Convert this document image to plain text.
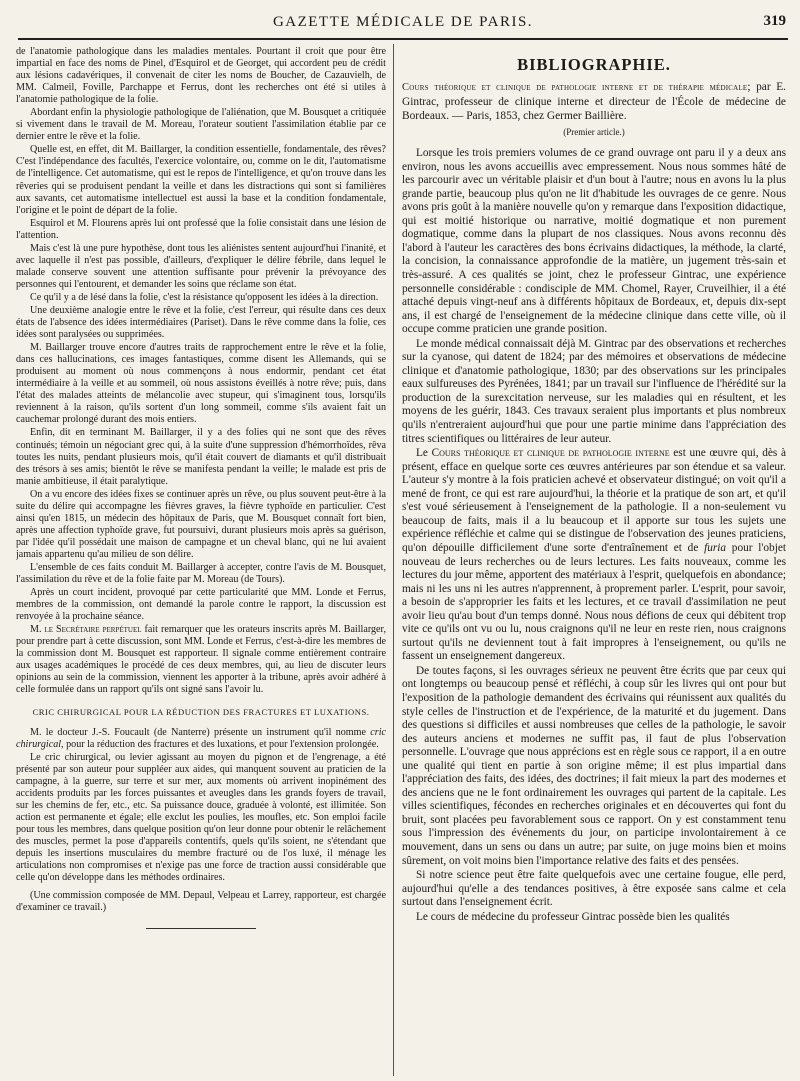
GAZETTE MÉDICALE DE PARIS.	319

de l'anatomie pathologique dans les maladies mentales. Pourtant il croit que pour être impartial en face des noms de Pinel, d'Esquirol et de Georget, qui accordent peu de crédit aux lésions cadavériques, il convenait de citer les noms de Boucher, de Cazauvielh, de MM. Calmeil, Foville, Parchappe et Ferrus, dont les recherches ont été si utiles à l'anatomie pathologique de la folie.

Abordant enfin la physiologie pathologique de l'aliénation, que M. Bousquet a critiquée si vivement dans le travail de M. Moreau, l'orateur soutient l'assimilation établie par ce dernier entre le rêve et la folie.

Quelle est, en effet, dit M. Baillarger, la condition essentielle, fondamentale, des rêves? C'est l'indépendance des facultés, l'exercice volontaire, ou, comme on le dit, l'automatisme de l'intelligence. Cet automatisme, qui est le repos de l'intelligence, et qu'on trouve dans les rêveries qui se produisent pendant la veille et dans les distractions qui sont si familières aux savants, cet automatisme intellectuel est aussi la base et la condition fondamentale, l'origine et le point de départ de la folie.

Esquirol et M. Flourens après lui ont professé que la folie consistait dans une lésion de l'attention.

Mais c'est là une pure hypothèse, dont tous les aliénistes sentent aujourd'hui l'inanité, et avec laquelle il n'est pas possible, d'ailleurs, d'expliquer le délire fébrile, dans lequel le malade conserve souvent une attention suffisante pour prévenir la prévoyance des personnes qui l'entourent, et demander les soins que réclame son état.

Ce qu'il y a de lésé dans la folie, c'est la résistance qu'opposent les idées à la direction.

Une deuxième analogie entre le rêve et la folie, c'est l'erreur, qui résulte dans ces deux états de l'absence des idées intermédiaires (Pariset). Dans le rêve comme dans la folie, ces idées sont paralysées ou supprimées.

M. Baillarger trouve encore d'autres traits de rapprochement entre le rêve et la folie, dans ces hallucinations, ces images fantastiques, comme disent les Allemands, qui se produisent au moment où nous commençons à nous endormir, pendant cet état intermédiaire à la veille et au sommeil, où nous assistons éveillés à notre rêve; puis, dans l'état des malades atteints de mélancolie avec stupeur, qui s'imaginent tous, lorsqu'ils reviennent à la raison, qu'ils sortent d'un long sommeil, comme s'ils avaient fait un cauchemar prolongé durant des mois entiers.

Enfin, dit en terminant M. Baillarger, il y a des folies qui ne sont que des rêves continués; témoin un négociant grec qui, à la suite d'une suppression d'hémorrhoïdes, rêva toutes les nuits, pendant plusieurs mois, qu'il était couvert de diamants et qu'il distribuait des trésors à ses amis; bientôt le rêve se manifesta pendant la veille; le malade est pris de manie ambitieuse, il était paralytique.

On a vu encore des idées fixes se continuer après un rêve, ou plus souvent peut-être à la suite du délire qui accompagne les fièvres graves, la fièvre typhoïde en particulier. C'est ainsi qu'en 1815, un médecin des hôpitaux de Paris, que M. Bousquet connaît fort bien, après une affection typhoïde grave, fut poursuivi, durant plusieurs mois après sa guérison, par l'idée qu'il possédait une maison de campagne et un cheval blanc, qui ne lui avaient jamais appartenu qu'au milieu de son délire.

L'ensemble de ces faits conduit M. Baillarger à accepter, contre l'avis de M. Bousquet, l'assimilation du rêve et de la folie faite par M. Moreau (de Tours).

Après un court incident, provoqué par cette particularité que MM. Londe et Ferrus, membres de la commission, ont demandé la parole contre le rapport, la discussion est renvoyée à la prochaine séance.

M. le Secrétaire perpétuel fait remarquer que les orateurs inscrits après M. Baillarger, pour prendre part à cette discussion, sont MM. Londe et Ferrus, c'est-à-dire les membres de la commission dont M. Bousquet est rapporteur. Il signale comme entièrement contraire aux usages académiques le procédé de ces deux membres, qui, au lieu de discuter leurs opinions au sein de la commission, viennent les apporter à la tribune, après avoir adhéré à celle formulée dans un rapport qu'ils ont signé sans l'avoir lu.

CRIC CHIRURGICAL POUR LA RÉDUCTION DES FRACTURES ET LUXATIONS.

M. le docteur J.-S. Foucault (de Nanterre) présente un instrument qu'il nomme cric chirurgical, pour la réduction des fractures et des luxations, et pour l'extension prolongée.

Le cric chirurgical, ou levier agissant au moyen du pignon et de l'engrenage, a été présenté par son auteur pour suppléer aux aides, qui manquent souvent au praticien de la campagne, à la guerre, sur terre et sur mer, aux moments où arrivent inopinément des accidents produits par les forces puissantes et aveugles dans les grands foyers de travail, sur les chemins de fer, etc., etc. Sa puissance douce, graduée à volonté, est illimitée. Son action est permanente et égale; elle exclut les poulies, les moufles, etc. Son emploi facile pour tous les membres, dans quelque position qu'on leur donne pour obtenir le relâchement des muscles, permet la pose d'appareils contentifs, quels qu'ils soient, ne s'étendant que depuis les insertions musculaires du membre fracturé ou de l'os luxé, il ménage les articulations non compromises et n'exige pas une force de traction aussi considérable que celle qu'on développe dans les méthodes ordinaires.

(Une commission composée de MM. Depaul, Velpeau et Larrey, rapporteur, est chargée d'examiner ce travail.)

BIBLIOGRAPHIE.

Cours théorique et clinique de pathologie interne et de thérapie médicale; par E. Gintrac, professeur de clinique interne et directeur de l'École de médecine de Bordeaux. — Paris, 1853, chez Germer Baillière.

(Premier article.)

Lorsque les trois premiers volumes de ce grand ouvrage ont paru il y a deux ans environ, nous les avons accueillis avec empressement. Nous nous sommes hâté de les parcourir avec un véritable plaisir et d'un bout à l'autre; nous en avons lu la plus grande partie, beaucoup plus qu'on ne lit d'habitude les ouvrages de ce genre. Nous avons pris goût à la manière nouvelle qu'on y remarque dans l'exposition didactique, qui est moitié historique ou narrative, moitié dogmatique et non purement dogmatique, comme dans la plupart de nos classiques. Nous avons reconnu dès l'abord à l'auteur les caractères des bons écrivains didactiques, la méthode, la clarté, la concision, la connaissance approfondie de la matière, un jugement très-sain et très-assuré. A ces qualités se joint, chez le professeur Gintrac, une expérience personnelle considérable : condisciple de MM. Chomel, Rayer, Cruveilhier, il a été attaché depuis vingt-neuf ans à différents hôpitaux de Bordeaux, et, depuis dix-sept ans, il est chargé de l'enseignement de la médecine clinique dans cette ville, où il occupe comme praticien une grande position.

Le monde médical connaissait déjà M. Gintrac par des observations et recherches sur la cyanose, qui datent de 1824; par des mémoires et observations de médecine clinique et d'anatomie pathologique, 1830; par des observations sur les principales eaux sulfureuses des Pyrénées, 1841; par un travail sur l'influence de l'hérédité sur la production de la surexcitation nerveuse, sur les maladies qui en résultent, et les moyens de les guérir, 1843. Ces travaux seraient plus importants et plus nombreux qu'ils n'entreraient aujourd'hui que pour une partie minime dans l'appréciation des titres scientifiques ou littéraires de leur auteur.

Le Cours théorique et clinique de pathologie interne est une œuvre qui, dès à présent, efface en quelque sorte ces œuvres antérieures par son étendue et sa valeur. L'auteur s'y montre à la fois praticien achevé et observateur distingué; on voit qu'il a mené de front, ce qui est rare aujourd'hui, la théorie et la pratique de son art, et qu'il s'est voué sérieusement à l'enseignement de la pathologie. Il a non-seulement vu beaucoup de faits, mais il a lu beaucoup et il apporte sur tous les sujets une expérience réfléchie et calme qui se distingue de l'observation des jeunes praticiens, qu'on dépouille difficilement d'une sorte d'entraînement et de furia pour l'objet nouveau de leurs recherches ou de leurs lectures. Les faits nouveaux, comme les lectures du jour même, apportent des matériaux à l'esprit, quelquefois en abondance; mais ni les uns ni les autres n'apprennent, à proprement parler. L'esprit, pour savoir, a besoin de s'approprier les faits et les lectures, et ce travail d'assimilation ne peut avoir lieu qu'au bout d'un temps donné. Nous nous défions de ceux qui débitent trop vite ce qu'ils ont vu ou lu, nous craignons qu'il ne leur en reste rien, nous craignons surtout qu'ils ne deviennent tout à fait impropres à l'enseignement, ou qu'ils ne fassent un enseignement dangereux.

De toutes façons, si les ouvrages sérieux ne peuvent être écrits que par ceux qui ont longtemps ou beaucoup pensé et réfléchi, à coup sûr les livres qui ont pour but l'exposition de la pathologie demandent des écrivains qui réunissent aux qualités du style celles de l'instruction et de l'expérience, de la maturité et du jugement. Dans des questions si difficiles et aussi nombreuses que celles de la pathologie, le savoir des auteurs anciens et modernes ne suffit pas, il faut de plus l'observation personnelle. L'ouvrage que nous apprécions est en règle sous ce rapport, il a en outre une qualité qui tient en partie à son origine même; il est plus impartial dans l'appréciation des faits, des idées, des doctrines; il fait mieux la part des modernes et des anciens que ne le font ordinairement les ouvrages qui partent de la capitale. Les villes scientifiques, fécondes en recherches originales et en découvertes qui font du bruit, sont placées peu favorablement sous ce rapport. On y est constamment tenu sous l'impression des événements du jour, on participe involontairement à ce mouvement, dans un sens ou dans un autre; par suite, on juge moins bien et moins sûrement, on voit moins bien l'importance relative des faits et des pensées.

Si notre science peut être faite quelquefois avec une certaine fougue, elle perd, aujourd'hui qu'elle a des tendances positives, à être exposée sans calme et cela surtout dans l'enseignement écrit.

Le cours de médecine du professeur Gintrac possède bien les qualités
